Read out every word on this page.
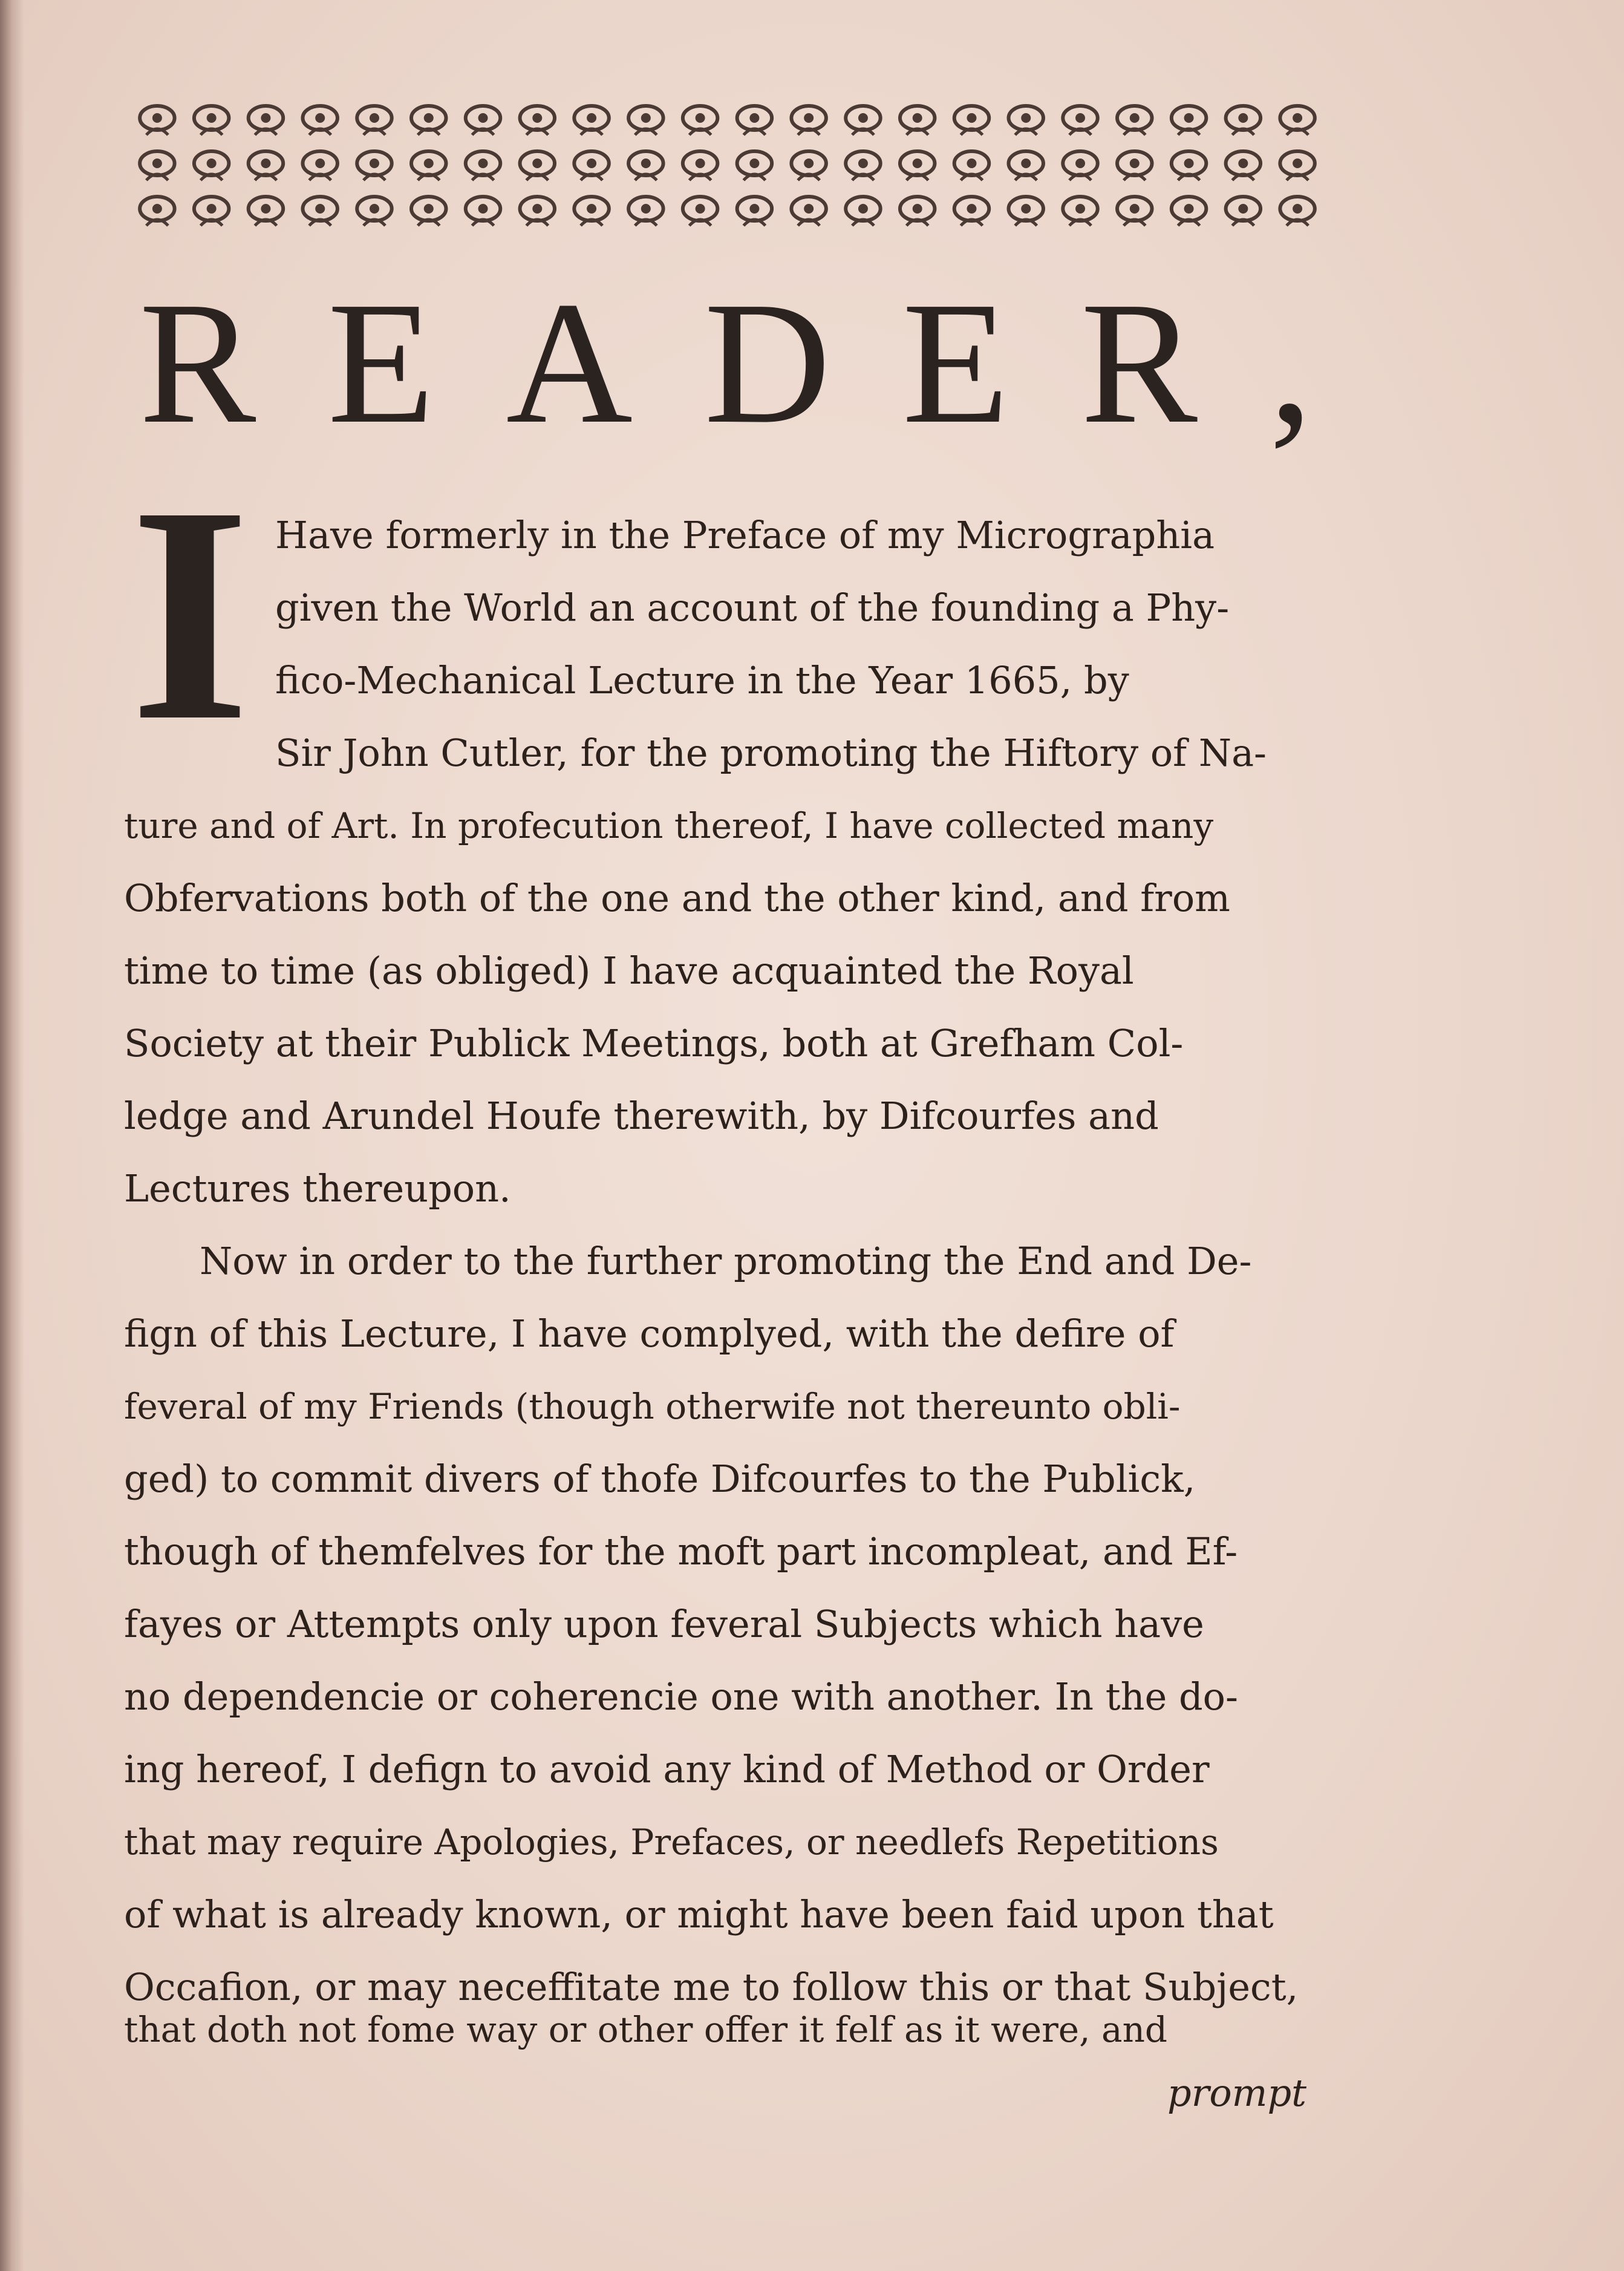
READER,
I Have formerly in the Preface of my Micrographia
given the World an account of the founding a Phy-
fico-Mechanical Lecture in the Year 1665, by
Sir John Cutler, for the promoting the Hiftory of Na-
ture and of Art. In profecution thereof, I have collected many
Obfervations both of the one and the other kind, and from
time to time (as obliged) I have acquainted the Royal
Society at their Publick Meetings, both at Grefham Col-
ledge and Arundel Houfe therewith, by Difcourfes and
Lectures thereupon.
Now in order to the further promoting the End and De-
fign of this Lecture, I have complyed, with the defire of
feveral of my Friends (though otherwife not thereunto obli-
ged) to commit divers of thofe Difcourfes to the Publick,
though of themfelves for the moft part incompleat, and Ef-
fayes or Attempts only upon feveral Subjects which have
no dependencie or coherencie one with another. In the do-
ing hereof, I defign to avoid any kind of Method or Order
that may require Apologies, Prefaces, or needlefs Repetitions
of what is already known, or might have been faid upon that
Occafion, or may neceffitate me to follow this or that Subject,
that doth not fome way or other offer it felf as it were, and
prompt
